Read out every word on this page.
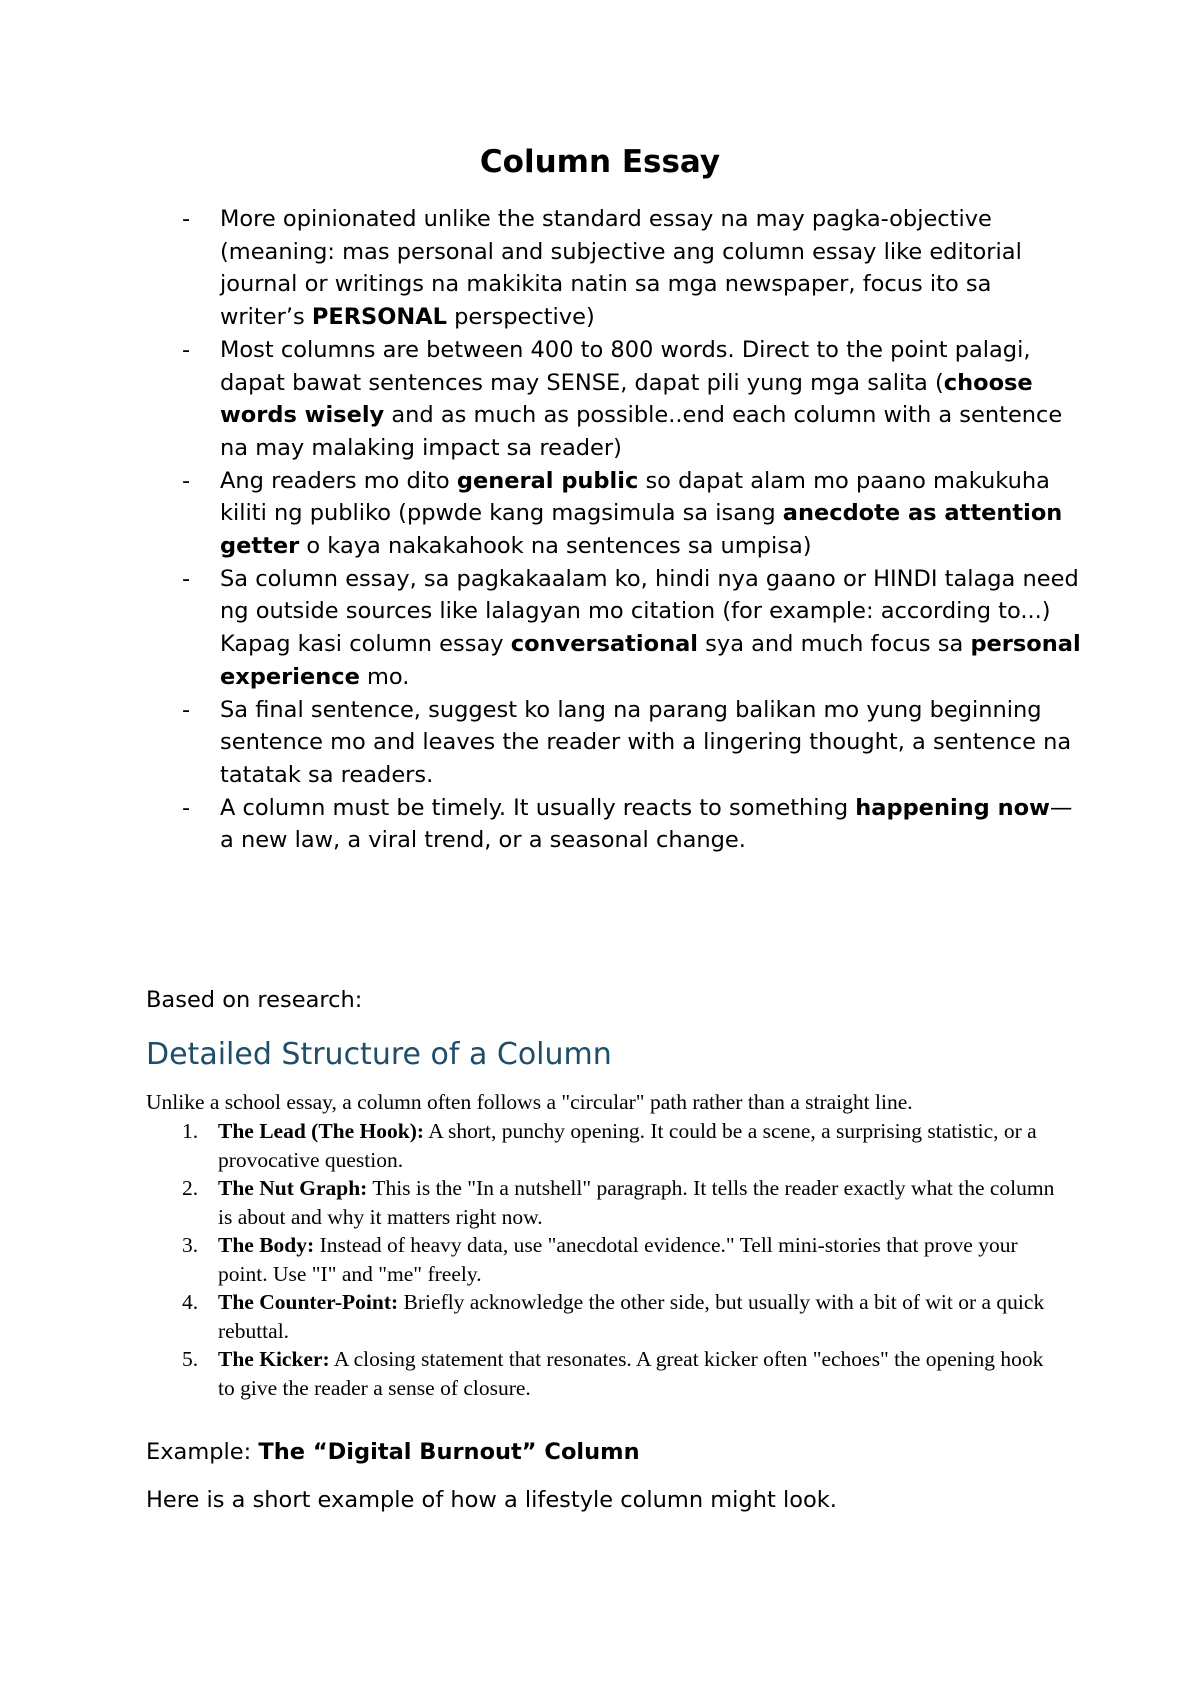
Column Essay
- More opinionated unlike the standard essay na may pagka-objective (meaning: mas personal and subjective ang column essay like editorial journal or writings na makikita natin sa mga newspaper, focus ito sa writer’s PERSONAL perspective)
- Most columns are between 400 to 800 words. Direct to the point palagi, dapat bawat sentences may SENSE, dapat pili yung mga salita (choose words wisely and as much as possible..end each column with a sentence na may malaking impact sa reader)
- Ang readers mo dito general public so dapat alam mo paano makukuha kiliti ng publiko (ppwde kang magsimula sa isang anecdote as attention getter o kaya nakakahook na sentences sa umpisa)
- Sa column essay, sa pagkakaalam ko, hindi nya gaano or HINDI talaga need ng outside sources like lalagyan mo citation (for example: according to...)
Kapag kasi column essay conversational sya and much focus sa personal experience mo.
- Sa final sentence, suggest ko lang na parang balikan mo yung beginning sentence mo and leaves the reader with a lingering thought, a sentence na tatatak sa readers.
- A column must be timely. It usually reacts to something happening now—a new law, a viral trend, or a seasonal change.

Based on research:

Detailed Structure of a Column

Unlike a school essay, a column often follows a "circular" path rather than a straight line.

1. The Lead (The Hook): A short, punchy opening. It could be a scene, a surprising statistic, or a provocative question.
2. The Nut Graph: This is the "In a nutshell" paragraph. It tells the reader exactly what the column is about and why it matters right now.
3. The Body: Instead of heavy data, use "anecdotal evidence." Tell mini-stories that prove your point. Use "I" and "me" freely.
4. The Counter-Point: Briefly acknowledge the other side, but usually with a bit of wit or a quick rebuttal.
5. The Kicker: A closing statement that resonates. A great kicker often "echoes" the opening hook to give the reader a sense of closure.

Example: The “Digital Burnout” Column

Here is a short example of how a lifestyle column might look.
